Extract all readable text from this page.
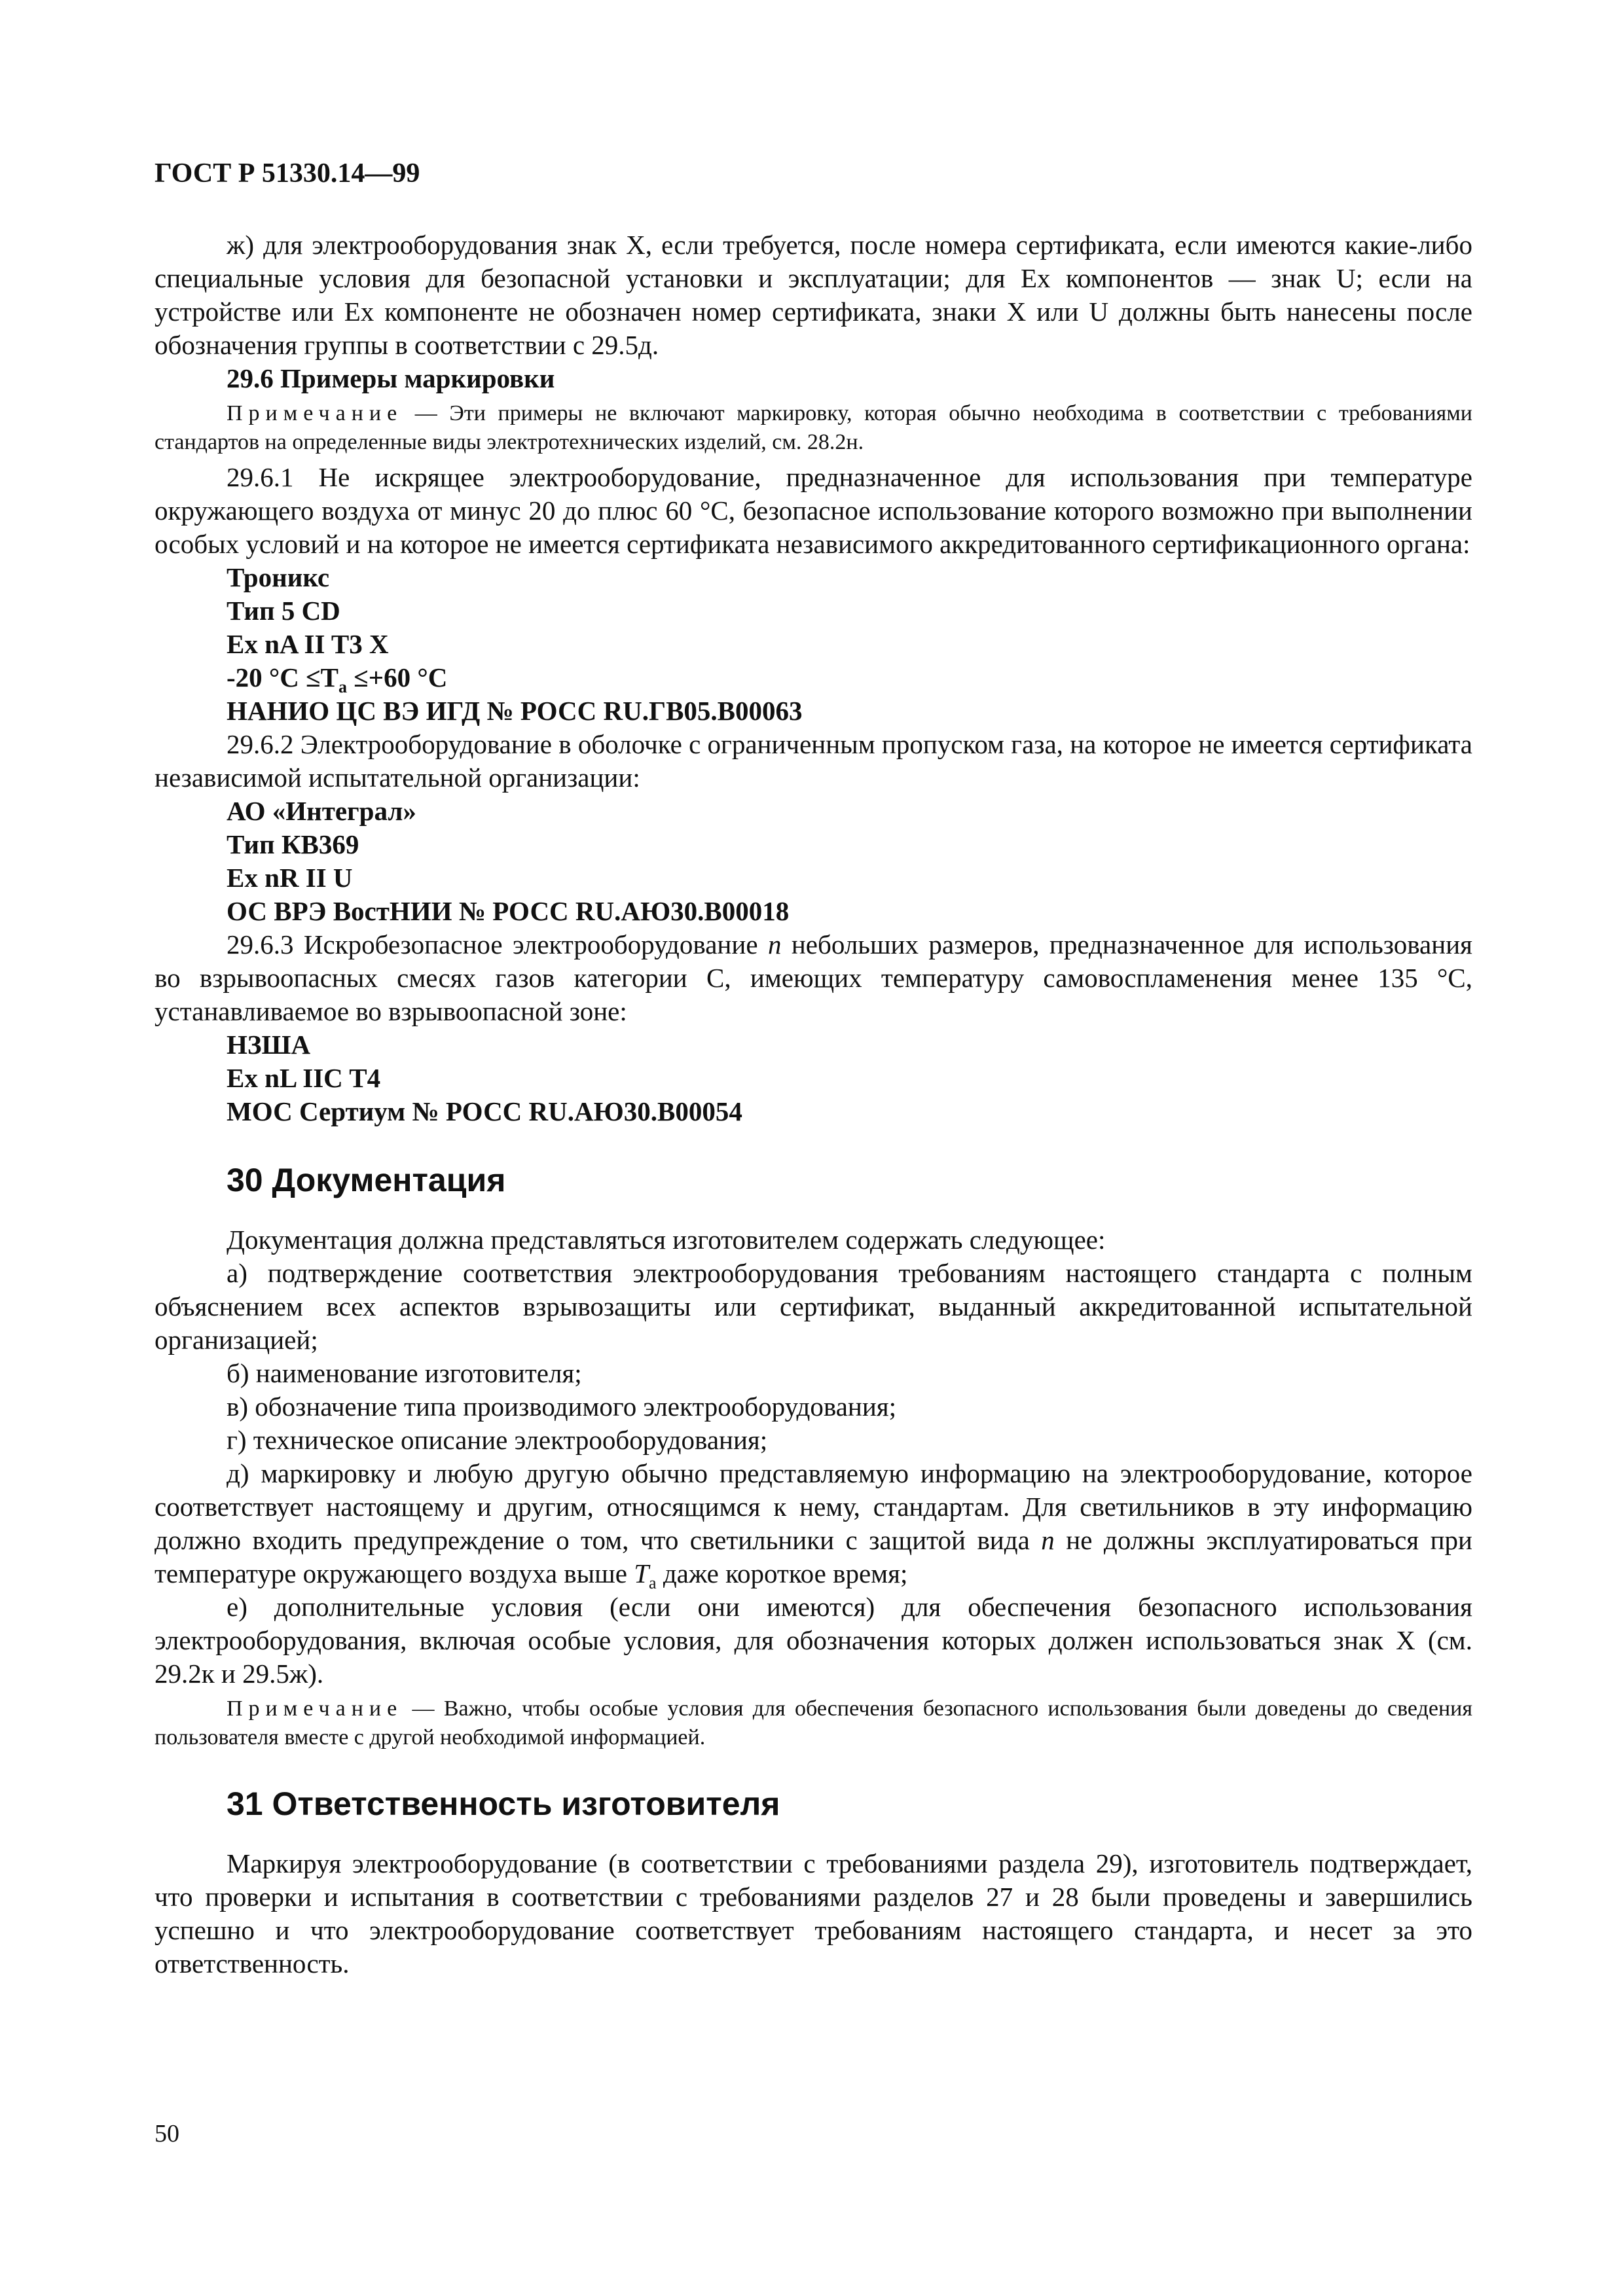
ГОСТ Р 51330.14—99

ж) для электрооборудования знак X, если требуется, после номера сертификата, если имеются какие-либо специальные условия для безопасной установки и эксплуатации; для Ex компонентов — знак U; если на устройстве или Ex компоненте не обозначен номер сертификата, знаки X или U должны быть нанесены после обозначения группы в соответствии с 29.5д.

29.6 Примеры маркировки

Примечание — Эти примеры не включают маркировку, которая обычно необходима в соответствии с требованиями стандартов на определенные виды электротехнических изделий, см. 28.2н.

29.6.1 Не искрящее электрооборудование, предназначенное для использования при температуре окружающего воздуха от минус 20 до плюс 60 °С, безопасное использование которого возможно при выполнении особых условий и на которое не имеется сертификата независимого аккредитованного сертификационного органа:

Троникс

Тип 5 CD

Ex nA II T3 X

-20 $^\circ С \le T_a \le+60$ °С

НАНИО ЦС ВЭ ИГД № РОСС RU.ГВ05.В00063

29.6.2 Электрооборудование в оболочке с ограниченным пропуском газа, на которое не имеется сертификата независимой испытательной организации:

АО «Интеграл»

Тип КВ369

Ex nR II U

ОС ВРЭ ВостНИИ № РОСС RU.АЮ30.В00018

29.6.3 Искробезопасное электрооборудование n небольших размеров, предназначенное для использования во взрывоопасных смесях газов категории С, имеющих температуру самовоспламенения менее 135 °С, устанавливаемое во взрывоопасной зоне:

НЗША

Ex nL IIC T4

МОС Сертиум № РОСС RU.АЮ30.В00054

30 Документация

Документация должна представляться изготовителем содержать следующее:

а) подтверждение соответствия электрооборудования требованиям настоящего стандарта с полным объяснением всех аспектов взрывозащиты или сертификат, выданный аккредитованной испытательной организацией;

б) наименование изготовителя;

в) обозначение типа производимого электрооборудования;

г) техническое описание электрооборудования;

д) маркировку и любую другую обычно представляемую информацию на электрооборудование, которое соответствует настоящему и другим, относящимся к нему, стандартам. Для светильников в эту информацию должно входить предупреждение о том, что светильники с защитой вида n не должны эксплуатироваться при температуре окружающего воздуха выше $T_a$ даже короткое время;

е) дополнительные условия (если они имеются) для обеспечения безопасного использования электрооборудования, включая особые условия, для обозначения которых должен использоваться знак X (см. 29.2к и 29.5ж).

Примечание — Важно, чтобы особые условия для обеспечения безопасного использования были доведены до сведения пользователя вместе с другой необходимой информацией.

31 Ответственность изготовителя

Маркируя электрооборудование (в соответствии с требованиями раздела 29), изготовитель подтверждает, что проверки и испытания в соответствии с требованиями разделов 27 и 28 были проведены и завершились успешно и что электрооборудование соответствует требованиям настоящего стандарта, и несет за это ответственность.

50
